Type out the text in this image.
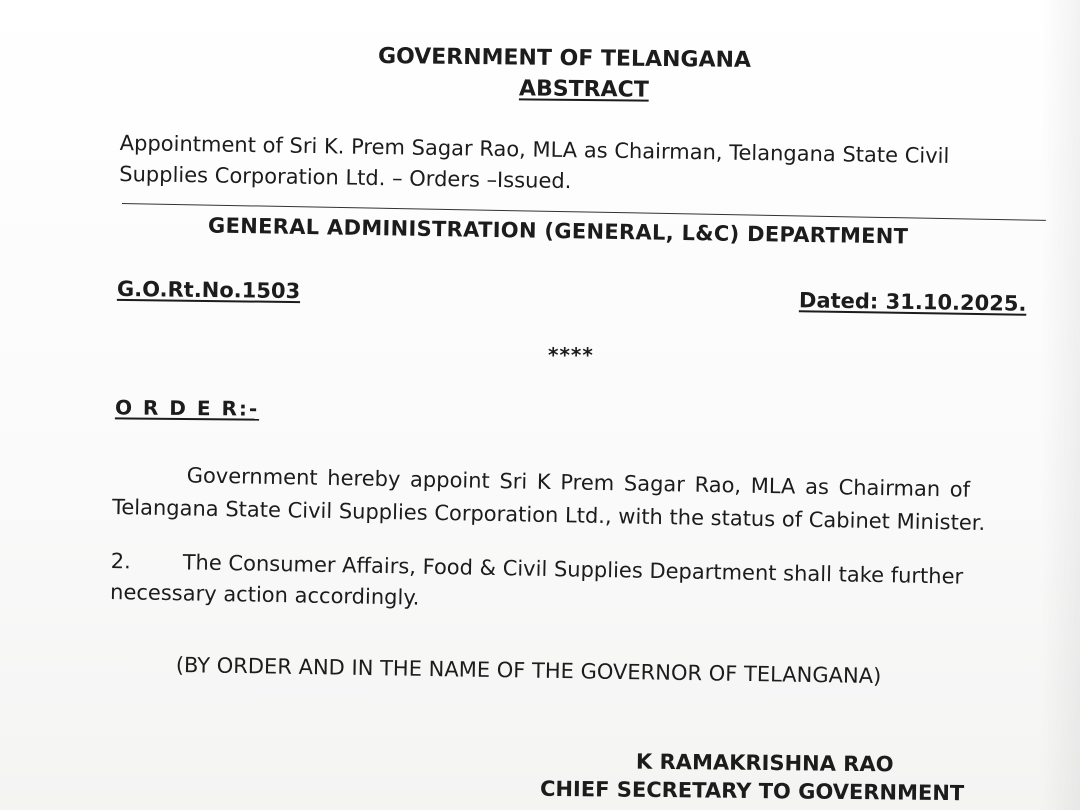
GOVERNMENT OF TELANGANA
ABSTRACT
Appointment of Sri K. Prem Sagar Rao, MLA as Chairman, Telangana State Civil
Supplies Corporation Ltd. – Orders –Issued.
GENERAL ADMINISTRATION (GENERAL, L&C) DEPARTMENT
G.O.Rt.No.1503	Dated: 31.10.2025.
****
O R D E R:-
Government hereby appoint Sri K Prem Sagar Rao, MLA as Chairman of
Telangana State Civil Supplies Corporation Ltd., with the status of Cabinet Minister.
2. The Consumer Affairs, Food & Civil Supplies Department shall take further
necessary action accordingly.
(BY ORDER AND IN THE NAME OF THE GOVERNOR OF TELANGANA)
K RAMAKRISHNA RAO
CHIEF SECRETARY TO GOVERNMENT
